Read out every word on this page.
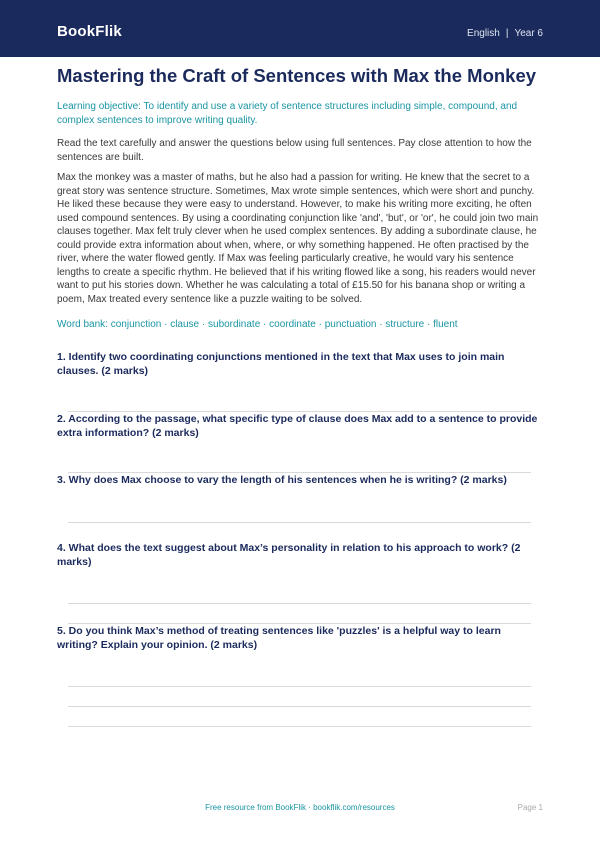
BookFlik	English | Year 6
Mastering the Craft of Sentences with Max the Monkey
Learning objective: To identify and use a variety of sentence structures including simple, compound, and complex sentences to improve writing quality.

Read the text carefully and answer the questions below using full sentences. Pay close attention to how the sentences are built.

Max the monkey was a master of maths, but he also had a passion for writing. He knew that the secret to a great story was sentence structure. Sometimes, Max wrote simple sentences, which were short and punchy. He liked these because they were easy to understand. However, to make his writing more exciting, he often used compound sentences. By using a coordinating conjunction like 'and', 'but', or 'or', he could join two main clauses together. Max felt truly clever when he used complex sentences. By adding a subordinate clause, he could provide extra information about when, where, or why something happened. He often practised by the river, where the water flowed gently. If Max was feeling particularly creative, he would vary his sentence lengths to create a specific rhythm. He believed that if his writing flowed like a song, his readers would never want to put his stories down. Whether he was calculating a total of £15.50 for his banana shop or writing a poem, Max treated every sentence like a puzzle waiting to be solved.

Word bank: conjunction · clause · subordinate · coordinate · punctuation · structure · fluent

1. Identify two coordinating conjunctions mentioned in the text that Max uses to join main clauses. (2 marks)

2. According to the passage, what specific type of clause does Max add to a sentence to provide extra information? (2 marks)

3. Why does Max choose to vary the length of his sentences when he is writing? (2 marks)

4. What does the text suggest about Max’s personality in relation to his approach to work? (2 marks)

5. Do you think Max’s method of treating sentences like 'puzzles' is a helpful way to learn writing? Explain your opinion. (2 marks)

Free resource from BookFlik · bookflik.com/resources	Page 1
